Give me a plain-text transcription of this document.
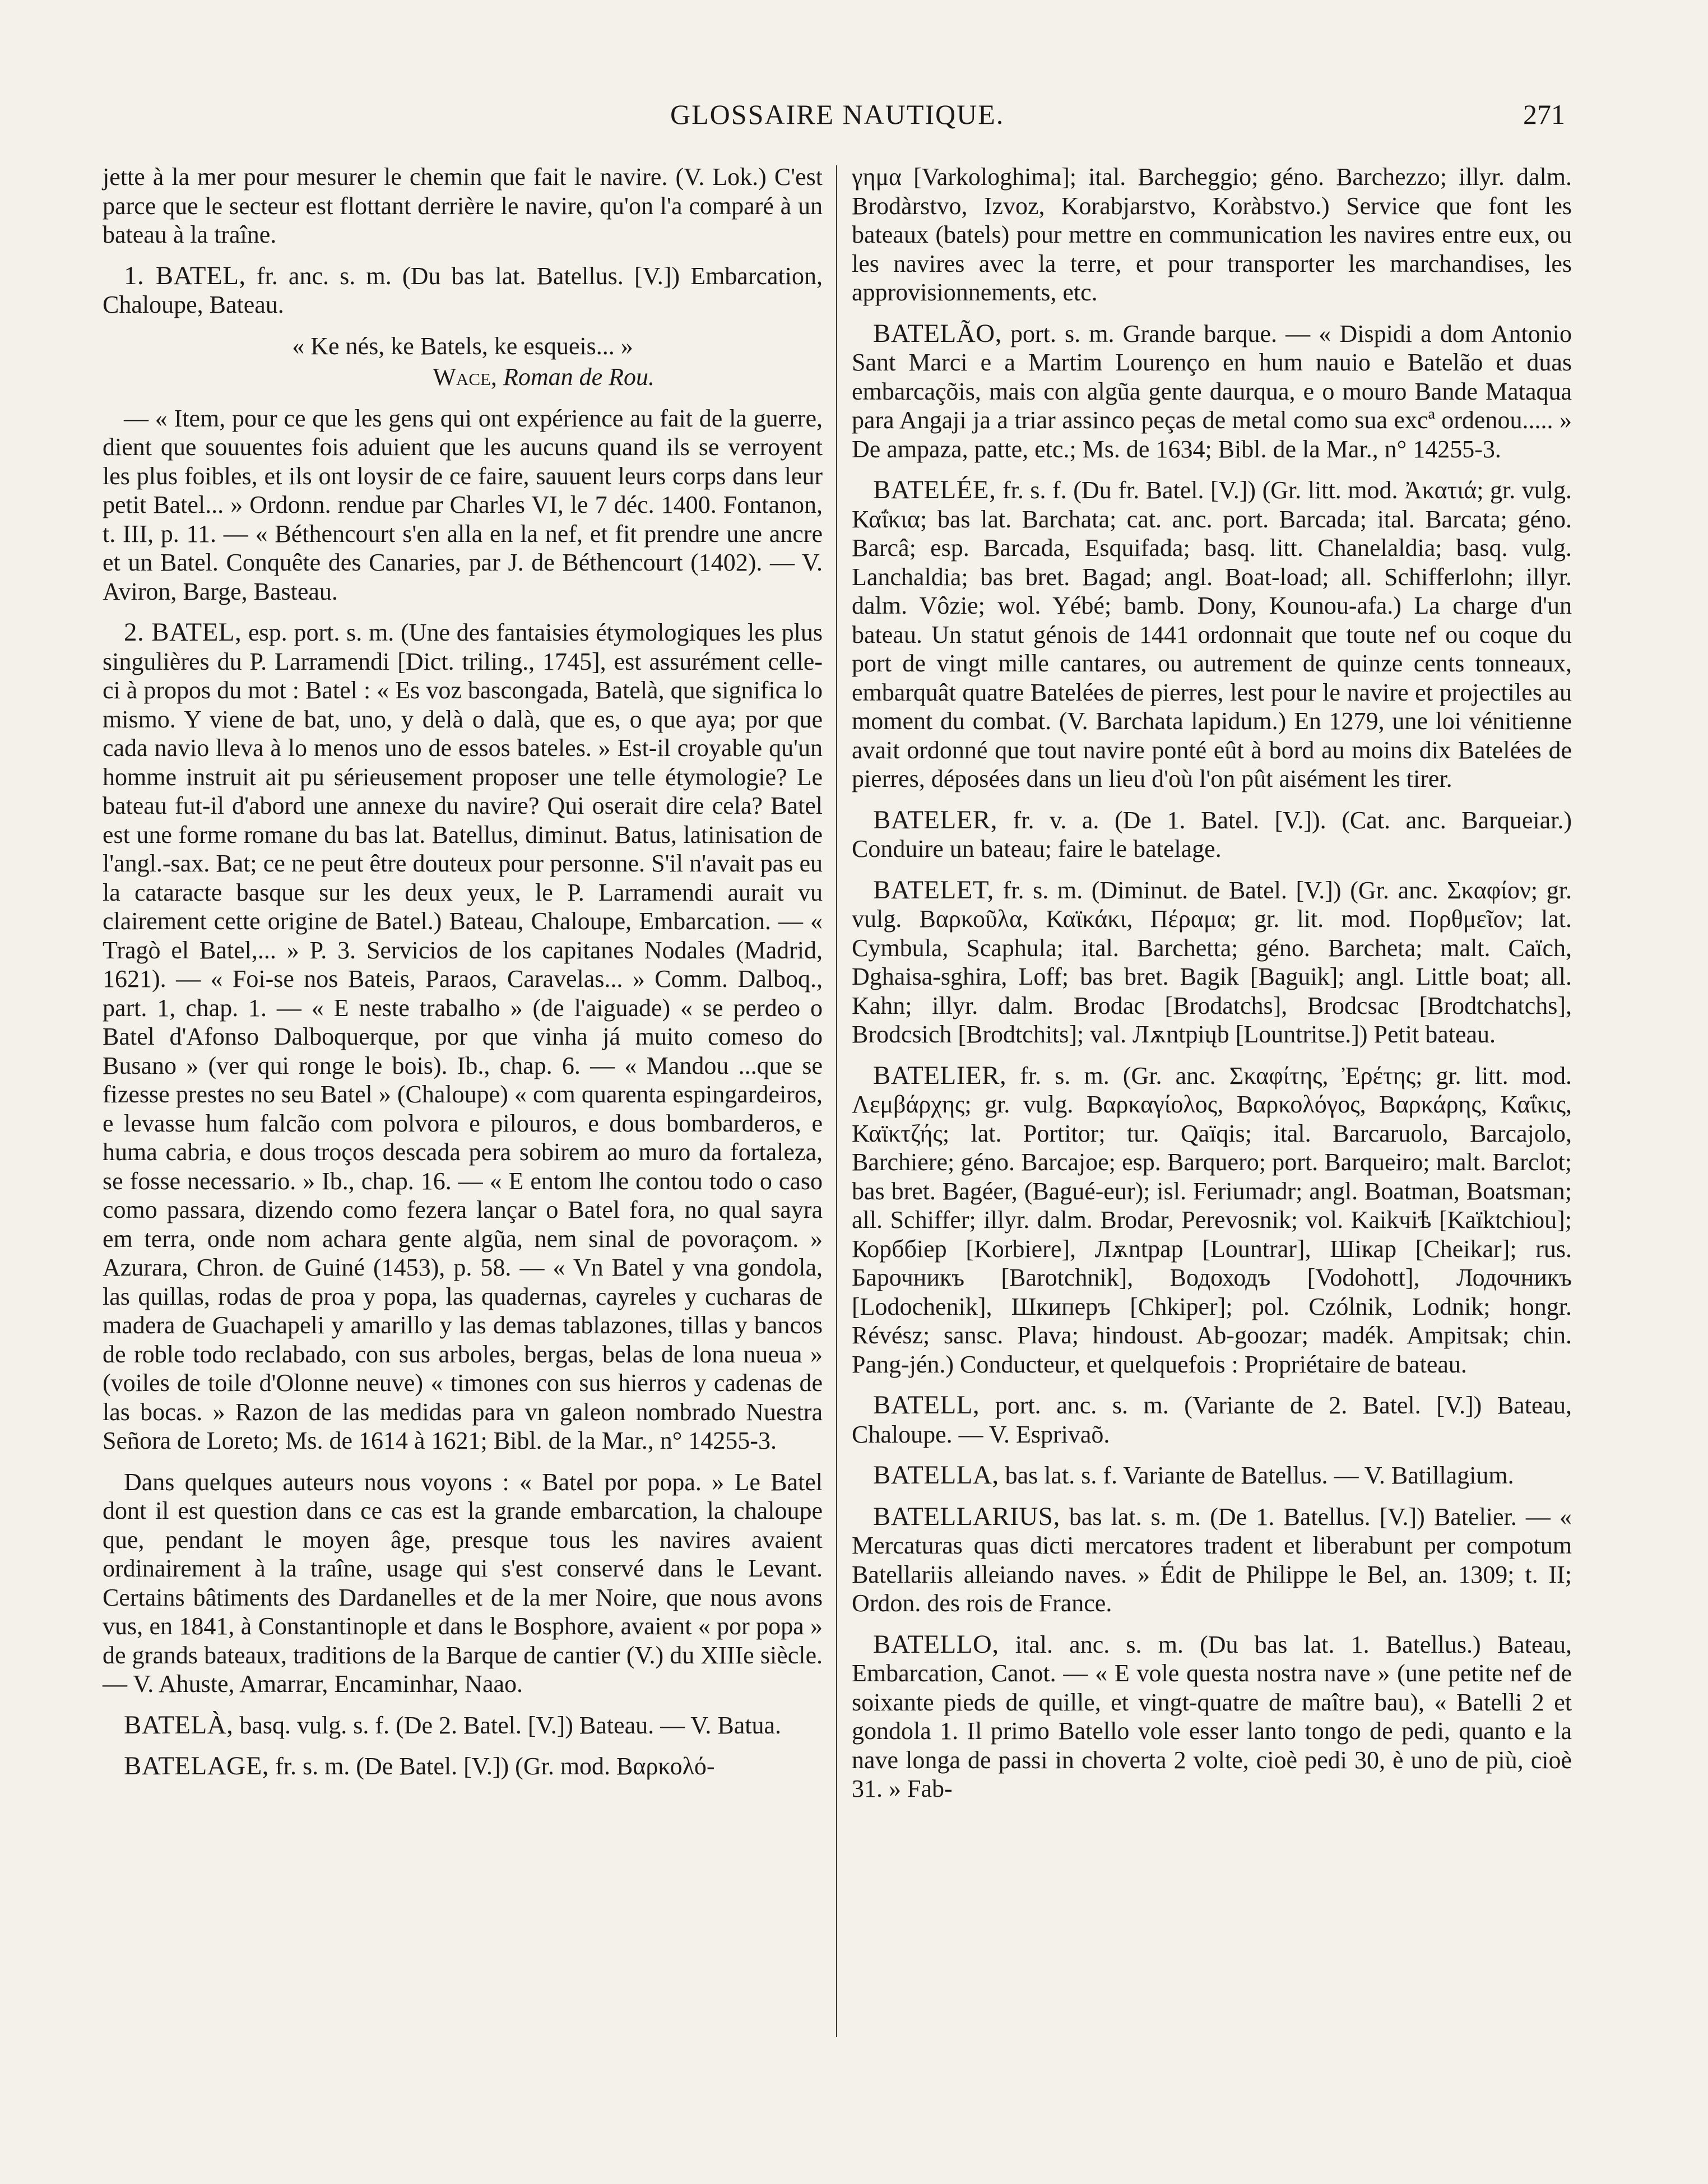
GLOSSAIRE NAUTIQUE.	271

jette à la mer pour mesurer le chemin que fait le navire. (V. Lok.) C'est parce que le secteur est flottant derrière le navire, qu'on l'a comparé à un bateau à la traîne.

1. BATEL, fr. anc. s. m. (Du bas lat. Batellus. [V.]) Embarcation, Chaloupe, Bateau.

« Ke nés, ke Batels, ke esqueis... »

Wace, Roman de Rou.

— « Item, pour ce que les gens qui ont expérience au fait de la guerre, dient que souuentes fois aduient que les aucuns quand ils se verroyent les plus foibles, et ils ont loysir de ce faire, sauuent leurs corps dans leur petit Batel... » Ordonn. rendue par Charles VI, le 7 déc. 1400. Fontanon, t. III, p. 11. — « Béthencourt s'en alla en la nef, et fit prendre une ancre et un Batel. Conquête des Canaries, par J. de Béthencourt (1402). — V. Aviron, Barge, Basteau.

2. BATEL, esp. port. s. m. (Une des fantaisies étymologiques les plus singulières du P. Larramendi [Dict. triling., 1745], est assurément celle-ci à propos du mot : Batel : « Es voz bascongada, Batelà, que significa lo mismo. Y viene de bat, uno, y delà o dalà, que es, o que aya; por que cada navio lleva à lo menos uno de essos bateles. » Est-il croyable qu'un homme instruit ait pu sérieusement proposer une telle étymologie? Le bateau fut-il d'abord une annexe du navire? Qui oserait dire cela? Batel est une forme romane du bas lat. Batellus, diminut. Batus, latinisation de l'angl.-sax. Bat; ce ne peut être douteux pour personne. S'il n'avait pas eu la cataracte basque sur les deux yeux, le P. Larramendi aurait vu clairement cette origine de Batel.) Bateau, Chaloupe, Embarcation. — « Tragò el Batel,... » P. 3. Servicios de los capitanes Nodales (Madrid, 1621). — « Foi-se nos Bateis, Paraos, Caravelas... » Comm. Dalboq., part. 1, chap. 1. — « E neste trabalho » (de l'aiguade) « se perdeo o Batel d'Afonso Dalboquerque, por que vinha já muito comeso do Busano » (ver qui ronge le bois). Ib., chap. 6. — « Mandou ...que se fizesse prestes no seu Batel » (Chaloupe) « com quarenta espingardeiros, e levasse hum falcão com polvora e pilouros, e dous bombarderos, e huma cabria, e dous troços descada pera sobirem ao muro da fortaleza, se fosse necessario. » Ib., chap. 16. — « E entom lhe contou todo o caso como passara, dizendo como fezera lançar o Batel fora, no qual sayra em terra, onde nom achara gente algũa, nem sinal de povoraçom. » Azurara, Chron. de Guiné (1453), p. 58. — « Vn Batel y vna gondola, las quillas, rodas de proa y popa, las quadernas, cayreles y cucharas de madera de Guachapeli y amarillo y las demas tablazones, tillas y bancos de roble todo reclabado, con sus arboles, bergas, belas de lona nueua » (voiles de toile d'Olonne neuve) « timones con sus hierros y cadenas de las bocas. » Razon de las medidas para vn galeon nombrado Nuestra Señora de Loreto; Ms. de 1614 à 1621; Bibl. de la Mar., n° 14255-3.

Dans quelques auteurs nous voyons : « Batel por popa. » Le Batel dont il est question dans ce cas est la grande embarcation, la chaloupe que, pendant le moyen âge, presque tous les navires avaient ordinairement à la traîne, usage qui s'est conservé dans le Levant. Certains bâtiments des Dardanelles et de la mer Noire, que nous avons vus, en 1841, à Constantinople et dans le Bosphore, avaient « por popa » de grands bateaux, traditions de la Barque de cantier (V.) du XIIIe siècle. — V. Ahuste, Amarrar, Encaminhar, Naao.

BATELÀ, basq. vulg. s. f. (De 2. Batel. [V.]) Bateau. — V. Batua.

BATELAGE, fr. s. m. (De Batel. [V.]) (Gr. mod. Βαρκολό-

γημα [Varkologhima]; ital. Barcheggio; géno. Barchezzo; illyr. dalm. Brodàrstvo, Izvoz, Korabjarstvo, Koràbstvo.) Service que font les bateaux (batels) pour mettre en communication les navires entre eux, ou les navires avec la terre, et pour transporter les marchandises, les approvisionnements, etc.

BATELÃO, port. s. m. Grande barque. — « Dispidi a dom Antonio Sant Marci e a Martim Lourenço en hum nauio e Batelão et duas embarcaçõis, mais con algũa gente daurqua, e o mouro Bande Mataqua para Angaji ja a triar assinco peças de metal como sua excª ordenou..... » De ampaza, patte, etc.; Ms. de 1634; Bibl. de la Mar., n° 14255-3.

BATELÉE, fr. s. f. (Du fr. Batel. [V.]) (Gr. litt. mod. Ἀκατιά; gr. vulg. Καΐκια; bas lat. Barchata; cat. anc. port. Barcada; ital. Barcata; géno. Barcâ; esp. Barcada, Esquifada; basq. litt. Chanelaldia; basq. vulg. Lanchaldia; bas bret. Bagad; angl. Boat-load; all. Schifferlohn; illyr. dalm. Vôzie; wol. Yébé; bamb. Dony, Kounou-afa.) La charge d'un bateau. Un statut génois de 1441 ordonnait que toute nef ou coque du port de vingt mille cantares, ou autrement de quinze cents tonneaux, embarquât quatre Batelées de pierres, lest pour le navire et projectiles au moment du combat. (V. Barchata lapidum.) En 1279, une loi vénitienne avait ordonné que tout navire ponté eût à bord au moins dix Batelées de pierres, déposées dans un lieu d'où l'on pût aisément les tirer.

BATELER, fr. v. a. (De 1. Batel. [V.]). (Cat. anc. Barqueiar.) Conduire un bateau; faire le batelage.

BATELET, fr. s. m. (Diminut. de Batel. [V.]) (Gr. anc. Σκαφίον; gr. vulg. Βαρκοῦλα, Καϊκάκι, Πέραμα; gr. lit. mod. Πορθμεῖον; lat. Cymbula, Scaphula; ital. Barchetta; géno. Barcheta; malt. Caïch, Dghaisa-sghira, Loff; bas bret. Bagik [Baguik]; angl. Little boat; all. Kahn; illyr. dalm. Brodac [Brodatchs], Brodcsac [Brodtchatchs], Brodcsich [Brodtchits]; val. Лѫntpiųb [Lountritse.]) Petit bateau.

BATELIER, fr. s. m. (Gr. anc. Σκαφίτης, Ἐρέτης; gr. litt. mod. Λεμβάρχης; gr. vulg. Βαρκαγίολος, Βαρκολόγος, Βαρκάρης, Καΐκις, Καϊκτζής; lat. Portitor; tur. Qaïqis; ital. Barcaruolo, Barcajolo, Barchiere; géno. Barcajoe; esp. Barquero; port. Barqueiro; malt. Barclot; bas bret. Bagéer, (Bagué-eur); isl. Feriumadr; angl. Boatman, Boatsman; all. Schiffer; illyr. dalm. Brodar, Perevosnik; vol. Kaikчiѣ [Kaïktchiou]; Корббіер [Korbiere], Лѫntpap [Lountrar], Шікар [Cheikar]; rus. Барочникъ [Barotchnik], Водоходъ [Vodohott], Лодочникъ [Lodochenik], Шкиперъ [Chkiper]; pol. Czólnik, Lodnik; hongr. Révész; sansc. Plava; hindoust. Ab-goozar; madék. Ampitsak; chin. Pang-jén.) Conducteur, et quelquefois : Propriétaire de bateau.

BATELL, port. anc. s. m. (Variante de 2. Batel. [V.]) Bateau, Chaloupe. — V. Esprivaõ.

BATELLA, bas lat. s. f. Variante de Batellus. — V. Batillagium.

BATELLARIUS, bas lat. s. m. (De 1. Batellus. [V.]) Batelier. — « Mercaturas quas dicti mercatores tradent et liberabunt per compotum Batellariis alleiando naves. » Édit de Philippe le Bel, an. 1309; t. II; Ordon. des rois de France.

BATELLO, ital. anc. s. m. (Du bas lat. 1. Batellus.) Bateau, Embarcation, Canot. — « E vole questa nostra nave » (une petite nef de soixante pieds de quille, et vingt-quatre de maître bau), « Batelli 2 et gondola 1. Il primo Batello vole esser lanto tongo de pedi, quanto e la nave longa de passi in choverta 2 volte, cioè pedi 30, è uno de più, cioè 31. » Fab-
